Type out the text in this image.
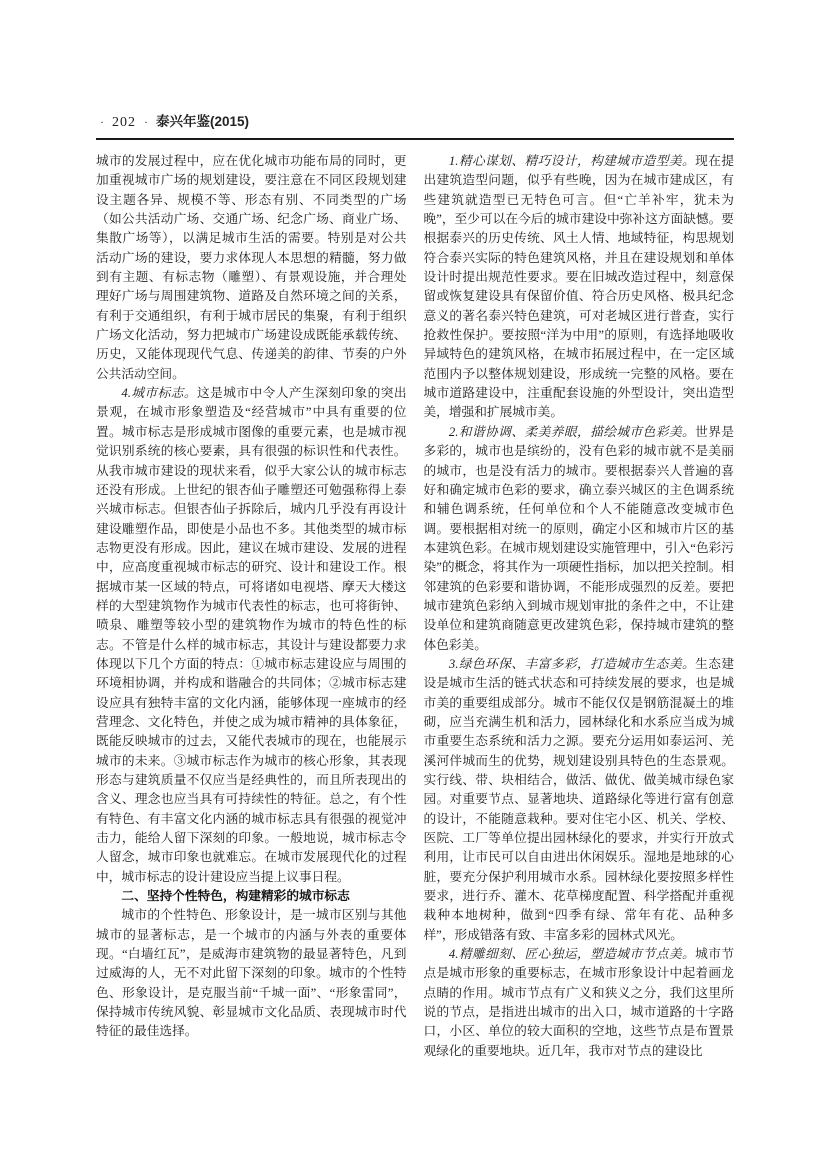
· 202 · 泰兴年鉴(2015)

城市的发展过程中，应在优化城市功能布局的同时，更加重视城市广场的规划建设，要注意在不同区段规划建设主题各异、规模不等、形态有别、不同类型的广场（如公共活动广场、交通广场、纪念广场、商业广场、集散广场等），以满足城市生活的需要。特别是对公共活动广场的建设，要力求体现人本思想的精髓，努力做到有主题、有标志物（雕塑）、有景观设施，并合理处理好广场与周围建筑物、道路及自然环境之间的关系，有利于交通组织，有利于城市居民的集聚，有利于组织广场文化活动，努力把城市广场建设成既能承载传统、历史，又能体现现代气息、传递美的韵律、节奏的户外公共活动空间。

4.城市标志。这是城市中令人产生深刻印象的突出景观，在城市形象塑造及“经营城市”中具有重要的位置。城市标志是形成城市图像的重要元素，也是城市视觉识别系统的核心要素，具有很强的标识性和代表性。从我市城市建设的现状来看，似乎大家公认的城市标志还没有形成。上世纪的银杏仙子雕塑还可勉强称得上泰兴城市标志。但银杏仙子拆除后，城内几乎没有再设计建设雕塑作品，即使是小品也不多。其他类型的城市标志物更没有形成。因此，建议在城市建设、发展的进程中，应高度重视城市标志的研究、设计和建设工作。根据城市某一区域的特点，可将诸如电视塔、摩天大楼这样的大型建筑物作为城市代表性的标志，也可将街钟、喷泉、雕塑等较小型的建筑物作为城市的特色性的标志。不管是什么样的城市标志，其设计与建设都要力求体现以下几个方面的特点：①城市标志建设应与周围的环境相协调，并构成和谐融合的共同体；②城市标志建设应具有独特丰富的文化内涵，能够体现一座城市的经营理念、文化特色，并使之成为城市精神的具体象征，既能反映城市的过去，又能代表城市的现在，也能展示城市的未来。③城市标志作为城市的核心形象，其表现形态与建筑质量不仅应当是经典性的，而且所表现出的含义、理念也应当具有可持续性的特征。总之，有个性有特色、有丰富文化内涵的城市标志具有很强的视觉冲击力，能给人留下深刻的印象。一般地说，城市标志令人留念，城市印象也就难忘。在城市发展现代化的过程中，城市标志的设计建设应当提上议事日程。

二、坚持个性特色，构建精彩的城市标志

城市的个性特色、形象设计，是一城市区别与其他城市的显著标志，是一个城市的内涵与外表的重要体现。“白墙红瓦”，是威海市建筑物的最显著特色，凡到过威海的人，无不对此留下深刻的印象。城市的个性特色、形象设计，是克服当前“千城一面”、“形象雷同”，保持城市传统风貌、彰显城市文化品质、表现城市时代特征的最佳选择。

1.精心谋划、精巧设计，构建城市造型美。现在提出建筑造型问题，似乎有些晚，因为在城市建成区，有些建筑就造型已无特色可言。但“亡羊补牢，犹未为晚”，至少可以在今后的城市建设中弥补这方面缺憾。要根据泰兴的历史传统、风土人情、地域特征，构思规划符合泰兴实际的特色建筑风格，并且在建设规划和单体设计时提出规范性要求。要在旧城改造过程中，刻意保留或恢复建设具有保留价值、符合历史风格、极具纪念意义的著名泰兴特色建筑，可对老城区进行普查，实行抢救性保护。要按照“洋为中用”的原则，有选择地吸收异域特色的建筑风格，在城市拓展过程中，在一定区域范围内予以整体规划建设，形成统一完整的风格。要在城市道路建设中，注重配套设施的外型设计，突出造型美，增强和扩展城市美。

2.和谐协调、柔美养眼，描绘城市色彩美。世界是多彩的，城市也是缤纷的，没有色彩的城市就不是美丽的城市，也是没有活力的城市。要根据泰兴人普遍的喜好和确定城市色彩的要求，确立泰兴城区的主色调系统和辅色调系统，任何单位和个人不能随意改变城市色调。要根据相对统一的原则，确定小区和城市片区的基本建筑色彩。在城市规划建设实施管理中，引入“色彩污染”的概念，将其作为一项硬性指标，加以把关控制。相邻建筑的色彩要和谐协调，不能形成强烈的反差。要把城市建筑色彩纳入到城市规划审批的条件之中，不让建设单位和建筑商随意更改建筑色彩，保持城市建筑的整体色彩美。

3.绿色环保、丰富多彩，打造城市生态美。生态建设是城市生活的链式状态和可持续发展的要求，也是城市美的重要组成部分。城市不能仅仅是钢筋混凝土的堆砌，应当充满生机和活力，园林绿化和水系应当成为城市重要生态系统和活力之源。要充分运用如泰运河、羌溪河伴城而生的优势，规划建设别具特色的生态景观。实行线、带、块相结合，做活、做优、做美城市绿色家园。对重要节点、显著地块、道路绿化等进行富有创意的设计，不能随意栽种。要对住宅小区、机关、学校、医院、工厂等单位提出园林绿化的要求，并实行开放式利用，让市民可以自由进出休闲娱乐。湿地是地球的心脏，要充分保护利用城市水系。园林绿化要按照多样性要求，进行乔、灌木、花草梯度配置、科学搭配并重视栽种本地树种，做到“四季有绿、常年有花、品种多样”，形成错落有致、丰富多彩的园林式风光。

4.精雕细刻、匠心独运，塑造城市节点美。城市节点是城市形象的重要标志，在城市形象设计中起着画龙点睛的作用。城市节点有广义和狭义之分，我们这里所说的节点，是指进出城市的出入口，城市道路的十字路口，小区、单位的较大面积的空地，这些节点是布置景观绿化的重要地块。近几年，我市对节点的建设比
